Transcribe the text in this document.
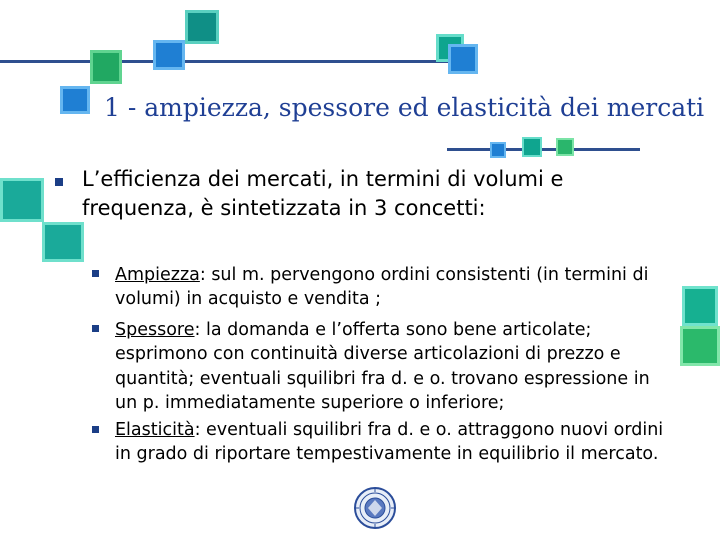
1 - ampiezza, spessore ed elasticità dei mercati
L’efficienza dei mercati, in termini di volumi e frequenza, è sintetizzata in 3 concetti:
Ampiezza: sul m. pervengono ordini consistenti (in termini di volumi) in acquisto e vendita ;
Spessore: la domanda e l’offerta sono bene articolate; esprimono con continuità diverse articolazioni di prezzo e quantità; eventuali squilibri fra d. e o. trovano espressione in un p. immediatamente superiore o inferiore;
Elasticità: eventuali squilibri fra d. e o. attraggono nuovi ordini in grado di riportare tempestivamente in equilibrio il mercato.
